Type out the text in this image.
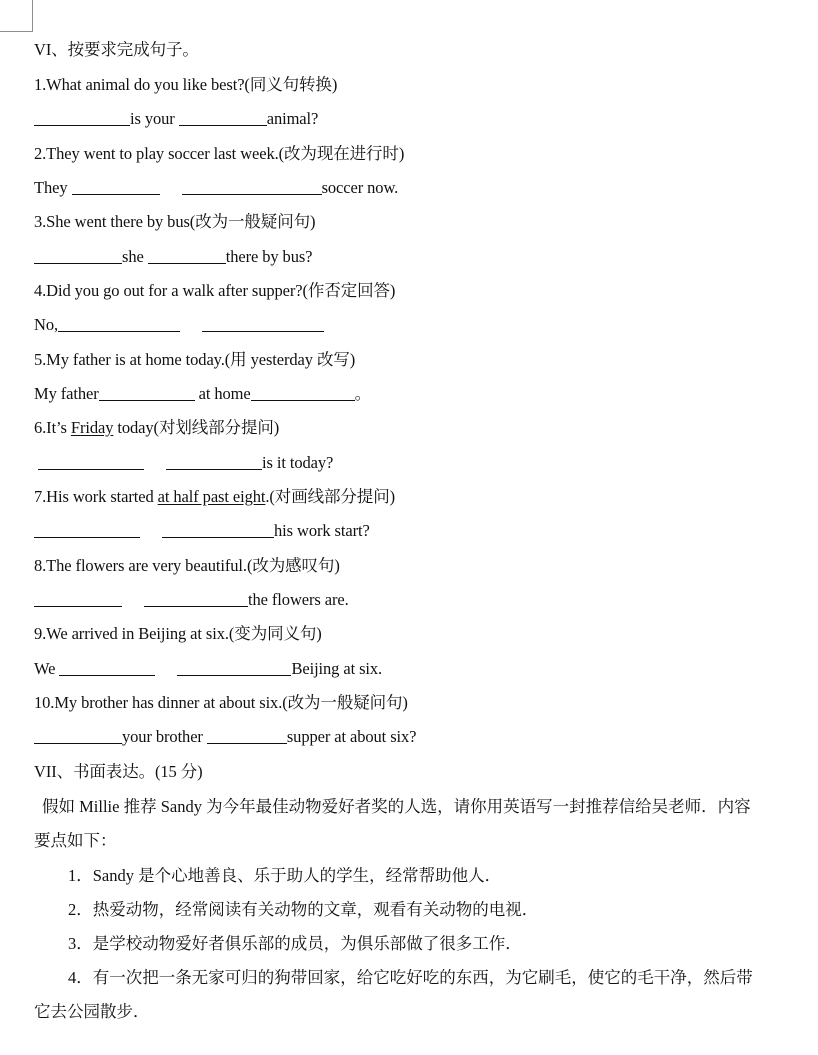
VI、按要求完成句子。
1.What animal do you like best?(同义句转换)
is your	animal?
2.They went to play soccer last week.(改为现在进行时)
They	soccer now.
3.She went there by bus(改为一般疑问句)
she	there by bus?
4.Did you go out for a walk after supper?(作否定回答)
No,
5.My father is at home today.(用 yesterday 改写)
My father	at home	。
6.It’s Friday today(对划线部分提问)
is it today?
7.His work started at half past eight.(对画线部分提问)
his work start?
8.The flowers are very beautiful.(改为感叹句)
the flowers are.
9.We arrived in Beijing at six.(变为同义句)
We	Beijing at six.
10.My brother has dinner at about six.(改为一般疑问句)
your brother	supper at about six?
VII、书面表达。(15 分)
假如 Millie 推荐 Sandy 为今年最佳动物爱好者奖的人选，请你用英语写一封推荐信给吴老师．内容
要点如下：
1．Sandy 是个心地善良、乐于助人的学生，经常帮助他人．
2．热爱动物，经常阅读有关动物的文章，观看有关动物的电视．
3．是学校动物爱好者俱乐部的成员，为俱乐部做了很多工作．
4．有一次把一条无家可归的狗带回家，给它吃好吃的东西，为它刷毛，使它的毛干净，然后带
它去公园散步．
